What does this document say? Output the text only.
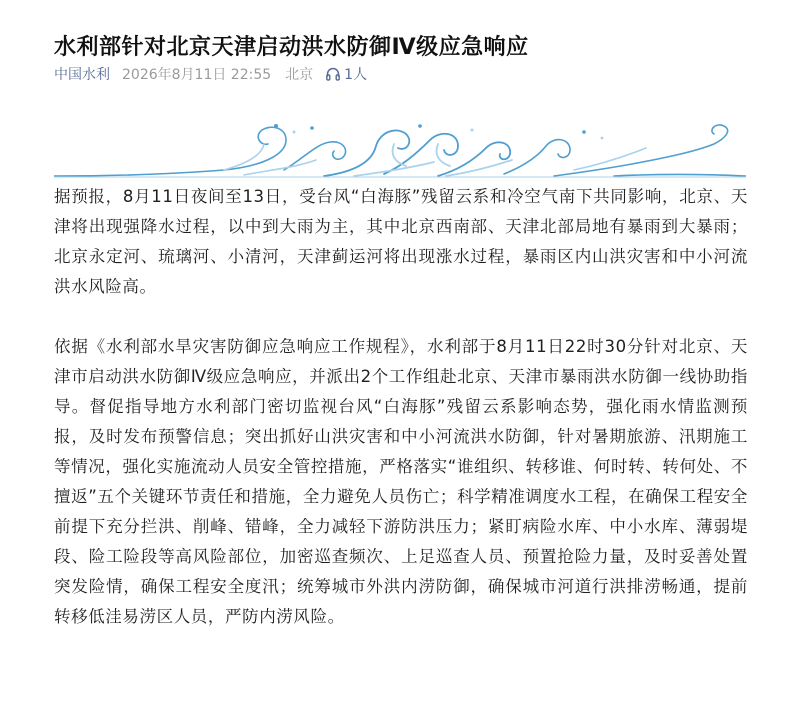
水利部针对北京天津启动洪水防御Ⅳ级应急响应
中国水利 2026年8月11日 22:55 北京 1人

据预报，8月11日夜间至13日，受台风“白海豚”残留云系和冷空气南下共同影响，北京、天津将出现强降水过程，以中到大雨为主，其中北京西南部、天津北部局地有暴雨到大暴雨；北京永定河、琉璃河、小清河，天津蓟运河将出现涨水过程，暴雨区内山洪灾害和中小河流洪水风险高。

依据《水利部水旱灾害防御应急响应工作规程》，水利部于8月11日22时30分针对北京、天津市启动洪水防御Ⅳ级应急响应，并派出2个工作组赴北京、天津市暴雨洪水防御一线协助指导。督促指导地方水利部门密切监视台风“白海豚”残留云系影响态势，强化雨水情监测预报，及时发布预警信息；突出抓好山洪灾害和中小河流洪水防御，针对暑期旅游、汛期施工等情况，强化实施流动人员安全管控措施，严格落实“谁组织、转移谁、何时转、转何处、不擅返”五个关键环节责任和措施，全力避免人员伤亡；科学精准调度水工程，在确保工程安全前提下充分拦洪、削峰、错峰，全力减轻下游防洪压力；紧盯病险水库、中小水库、薄弱堤段、险工险段等高风险部位，加密巡查频次、上足巡查人员、预置抢险力量，及时妥善处置突发险情，确保工程安全度汛；统筹城市外洪内涝防御，确保城市河道行洪排涝畅通，提前转移低洼易涝区人员，严防内涝风险。
